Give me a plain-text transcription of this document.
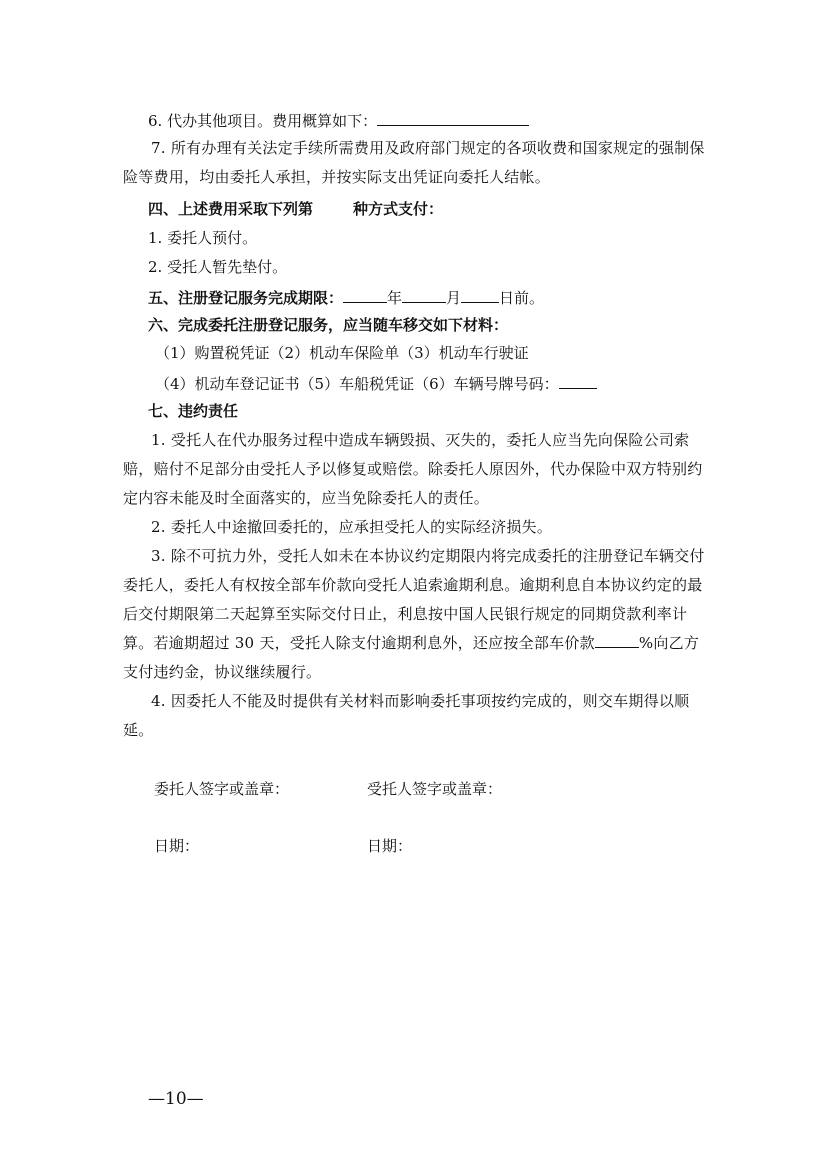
6. 代办其他项目。费用概算如下：
7. 所有办理有关法定手续所需费用及政府部门规定的各项收费和国家规定的强制保险等费用，均由委托人承担，并按实际支出凭证向委托人结帐。
四、上述费用采取下列第	种方式支付：
1. 委托人预付。
2. 受托人暂先垫付。
五、注册登记服务完成期限：	年	月	日前。
六、完成委托注册登记服务，应当随车移交如下材料：
（1）购置税凭证（2）机动车保险单（3）机动车行驶证
（4）机动车登记证书（5）车船税凭证（6）车辆号牌号码：
七、违约责任
1. 受托人在代办服务过程中造成车辆毁损、灭失的，委托人应当先向保险公司索赔，赔付不足部分由受托人予以修复或赔偿。除委托人原因外，代办保险中双方特别约定内容未能及时全面落实的，应当免除委托人的责任。
2. 委托人中途撤回委托的，应承担受托人的实际经济损失。
3. 除不可抗力外，受托人如未在本协议约定期限内将完成委托的注册登记车辆交付委托人，委托人有权按全部车价款向受托人追索逾期利息。逾期利息自本协议约定的最后交付期限第二天起算至实际交付日止，利息按中国人民银行规定的同期贷款利率计算。若逾期超过 30 天，受托人除支付逾期利息外，还应按全部车价款	%向乙方支付违约金，协议继续履行。
4. 因委托人不能及时提供有关材料而影响委托事项按约完成的，则交车期得以顺延。
委托人签字或盖章：	受托人签字或盖章：
日期：	日期：
—10—
